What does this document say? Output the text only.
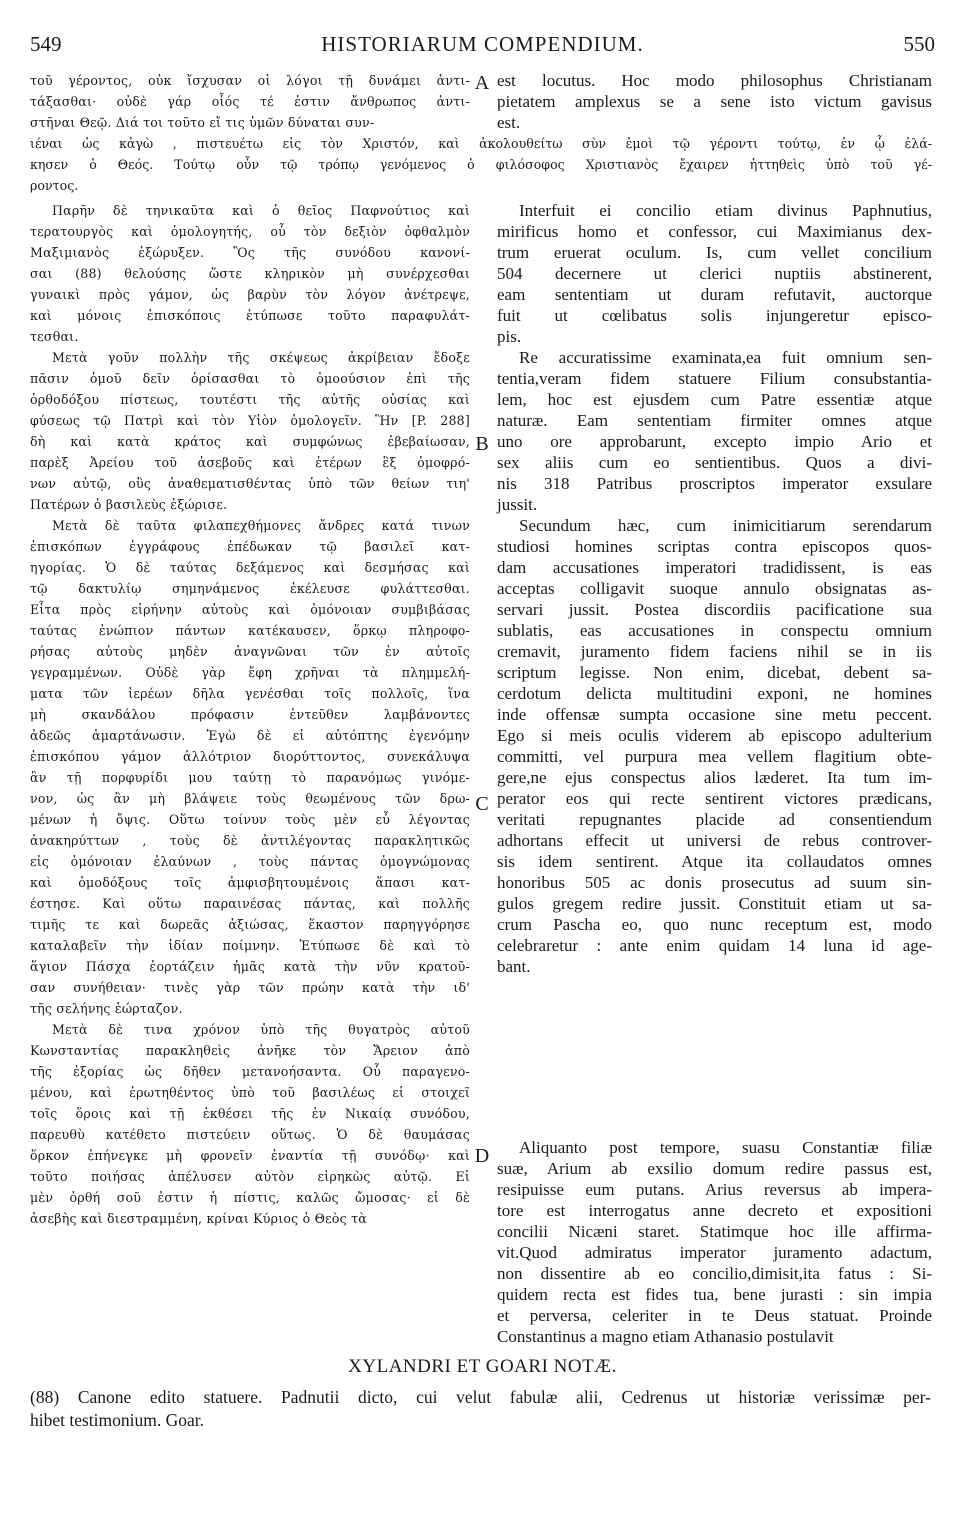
549	HISTORIARUM COMPENDIUM.	550
τοῦ γέροντος, οὐκ ἴσχυσαν οἱ λόγοι τῇ δυνάμει ἀντι-
τάξασθαι· οὐδὲ γάρ οἷός τέ ἐστιν ἄνθρωπος ἀντι-
στῆναι Θεῷ. Διά τοι τοῦτο εἴ τις ὑμῶν δύναται συν-
est locutus. Hoc modo philosophus Christianam
pietatem amplexus se a sene isto victum gavisus
est.
ιέναι ὡς κἀγὼ , πιστευέτω εἰς τὸν Χριστόν, καὶ ἀκολουθείτω σὺν ἐμοὶ τῷ γέροντι τούτῳ, ἐν ᾧ ἐλά-
κησεν ὁ Θεός. Τούτῳ οὖν τῷ τρόπῳ γενόμενος ὁ φιλόσοφος Χριστιανὸς ἔχαιρεν ἡττηθεὶς ὑπὸ τοῦ γέ-
ροντος.
Παρῆν δὲ τηνικαῦτα καὶ ὁ θεῖος Παφνούτιος καὶ
τερατουργὸς καὶ ὁμολογητής, οὗ τὸν δεξιὸν ὀφθαλμὸν
Μαξιμιανὸς ἐξώρυξεν. Ὃς τῆς συνόδου κανονί-
σαι (88) θελούσης ὥστε κληρικὸν μὴ συνέρχεσθαι
γυναικὶ πρὸς γάμον, ὡς βαρὺν τὸν λόγον ἀνέτρεψε,
καὶ μόνοις ἐπισκόποις ἐτύπωσε τοῦτο παραφυλάτ-
τεσθαι.
Μετὰ γοῦν πολλὴν τῆς σκέψεως ἀκρίβειαν ἔδοξε
πᾶσιν ὁμοῦ δεῖν ὁρίσασθαι τὸ ὁμοούσιον ἐπὶ τῆς
ὀρθοδόξου πίστεως, τουτέστι τῆς αὐτῆς οὐσίας καὶ
φύσεως τῷ Πατρὶ καὶ τὸν Υἱὸν ὁμολογεῖν. Ἣν [P. 288]
δὴ καὶ κατὰ κράτος καὶ συμφώνως ἐβεβαίωσαν,
παρὲξ Ἀρείου τοῦ ἀσεβοῦς καὶ ἑτέρων ἓξ ὁμοφρό-
νων αὐτῷ, οὓς ἀναθεματισθέντας ὑπὸ τῶν θείων τιη'
Πατέρων ὁ βασιλεὺς ἐξώρισε.
Μετὰ δὲ ταῦτα φιλαπεχθήμονες ἄνδρες κατά τινων
ἐπισκόπων ἐγγράφους ἐπέδωκαν τῷ βασιλεῖ κατ-
ηγορίας. Ὁ δὲ ταύτας δεξάμενος καὶ δεσμήσας καὶ
τῷ δακτυλίῳ σημηνάμενος ἐκέλευσε φυλάττεσθαι.
Εἶτα πρὸς εἰρήνην αὐτοὺς καὶ ὁμόνοιαν συμβιβάσας
ταύτας ἐνώπιον πάντων κατέκαυσεν, ὅρκῳ πληροφο-
ρήσας αὐτοὺς μηδὲν ἀναγνῶναι τῶν ἐν αὐτοῖς
γεγραμμένων. Οὐδὲ γὰρ ἔφη χρῆναι τὰ πλημμελή-
ματα τῶν ἱερέων δῆλα γενέσθαι τοῖς πολλοῖς, ἵνα
μὴ σκανδάλου πρόφασιν ἐντεῦθεν λαμβάνοντες
ἀδεῶς ἁμαρτάνωσιν. Ἐγὼ δὲ εἰ αὐτόπτης ἐγενόμην
ἐπισκόπου γάμον ἀλλότριον διορύττοντος, συνεκάλυψα
ἂν τῇ πορφυρίδι μου ταύτῃ τὸ παρανόμως γινόμε-
νον, ὡς ἂν μὴ βλάψειε τοὺς θεωμένους τῶν δρω-
μένων ἡ ὄψις. Οὕτω τοίνυν τοὺς μὲν εὖ λέγοντας
ἀνακηρύττων , τοὺς δὲ ἀντιλέγοντας παρακλητικῶς
εἰς ὁμόνοιαν ἐλαύνων , τοὺς πάντας ὁμογνώμονας
καὶ ὁμοδόξους τοῖς ἀμφισβητουμένοις ἅπασι κατ-
έστησε. Καὶ οὕτω παραινέσας πάντας, καὶ πολλῆς
τιμῆς τε καὶ δωρεᾶς ἀξιώσας, ἕκαστον παρηγγόρησε
καταλαβεῖν τὴν ἰδίαν ποίμνην. Ἐτύπωσε δὲ καὶ τὸ
ἅγιον Πάσχα ἑορτάζειν ἡμᾶς κατὰ τὴν νῦν κρατοῦ-
σαν συνήθειαν· τινὲς γὰρ τῶν πρώην κατὰ τὴν ιδ'
τῆς σελήνης ἑώρταζον.
Μετὰ δὲ τινα χρόνον ὑπὸ τῆς θυγατρὸς αὐτοῦ
Κωνσταντίας παρακληθεὶς ἀνῆκε τὸν Ἄρειον ἀπὸ
τῆς ἐξορίας ὡς δῆθεν μετανοήσαντα. Οὗ παραγενο-
μένου, καὶ ἐρωτηθέντος ὑπὸ τοῦ βασιλέως εἰ στοιχεῖ
τοῖς ὅροις καὶ τῇ ἐκθέσει τῆς ἐν Νικαίᾳ συνόδου,
παρευθὺ κατέθετο πιστεύειν οὕτως. Ὁ δὲ θαυμάσας
ὅρκον ἐπήνεγκε μὴ φρονεῖν ἐναντία τῇ συνόδῳ· καὶ
τοῦτο ποιήσας ἀπέλυσεν αὐτὸν εἰρηκὼς αὐτῷ. Εἰ
μὲν ὀρθή σοῦ ἐστιν ἡ πίστις, καλῶς ὤμοσας· εἰ δὲ
ἀσεβὴς καὶ διεστραμμένη, κρίναι Κύριος ὁ Θεὸς τὰ
Interfuit ei concilio etiam divinus Paphnutius,
mirificus homo et confessor, cui Maximianus dex-
trum eruerat oculum. Is, cum vellet concilium
504 decernere ut clerici nuptiis abstinerent,
eam sententiam ut duram refutavit, auctorque
fuit ut cœlibatus solis injungeretur episco-
pis.
Re accuratissime examinata,ea fuit omnium sen-
tentia,veram fidem statuere Filium consubstantia-
lem, hoc est ejusdem cum Patre essentiæ atque
naturæ. Eam sententiam firmiter omnes atque
uno ore approbarunt, excepto impio Ario et
sex aliis cum eo sentientibus. Quos a divi-
nis 318 Patribus proscriptos imperator exsulare
jussit.
Secundum hæc, cum inimicitiarum serendarum
studiosi homines scriptas contra episcopos quos-
dam accusationes imperatori tradidissent, is eas
acceptas colligavit suoque annulo obsignatas as-
servari jussit. Postea discordiis pacificatione sua
sublatis, eas accusationes in conspectu omnium
cremavit, juramento fidem faciens nihil se in iis
scriptum legisse. Non enim, dicebat, debent sa-
cerdotum delicta multitudini exponi, ne homines
inde offensæ sumpta occasione sine metu peccent.
Ego si meis oculis viderem ab episcopo adulterium
committi, vel purpura mea vellem flagitium obte-
gere,ne ejus conspectus alios læderet. Ita tum im-
perator eos qui recte sentirent victores prædicans,
veritati repugnantes placide ad consentiendum
adhortans effecit ut universi de rebus controver-
sis idem sentirent. Atque ita collaudatos omnes
honoribus 505 ac donis prosecutus ad suum sin-
gulos gregem redire jussit. Constituit etiam ut sa-
crum Pascha eo, quo nunc receptum est, modo
celebraretur : ante enim quidam 14 luna id age-
bant.
Aliquanto post tempore, suasu Constantiæ filiæ
suæ, Arium ab exsilio domum redire passus est,
resipuisse eum putans. Arius reversus ab impera-
tore est interrogatus anne decreto et expositioni
concilii Nicæni staret. Statimque hoc ille affirma-
vit.Quod admiratus imperator juramento adactum,
non dissentire ab eo concilio,dimisit,ita fatus : Si-
quidem recta est fides tua, bene jurasti : sin impia
et perversa, celeriter in te Deus statuat. Proinde
Constantinus a magno etiam Athanasio postulavit
A
B
C
D
XYLANDRI ET GOARI NOTÆ.
(88) Canone edito statuere. Padnutii dicto, cui velut fabulæ alii, Cedrenus ut historiæ verissimæ per-
hibet testimonium. Goar.
